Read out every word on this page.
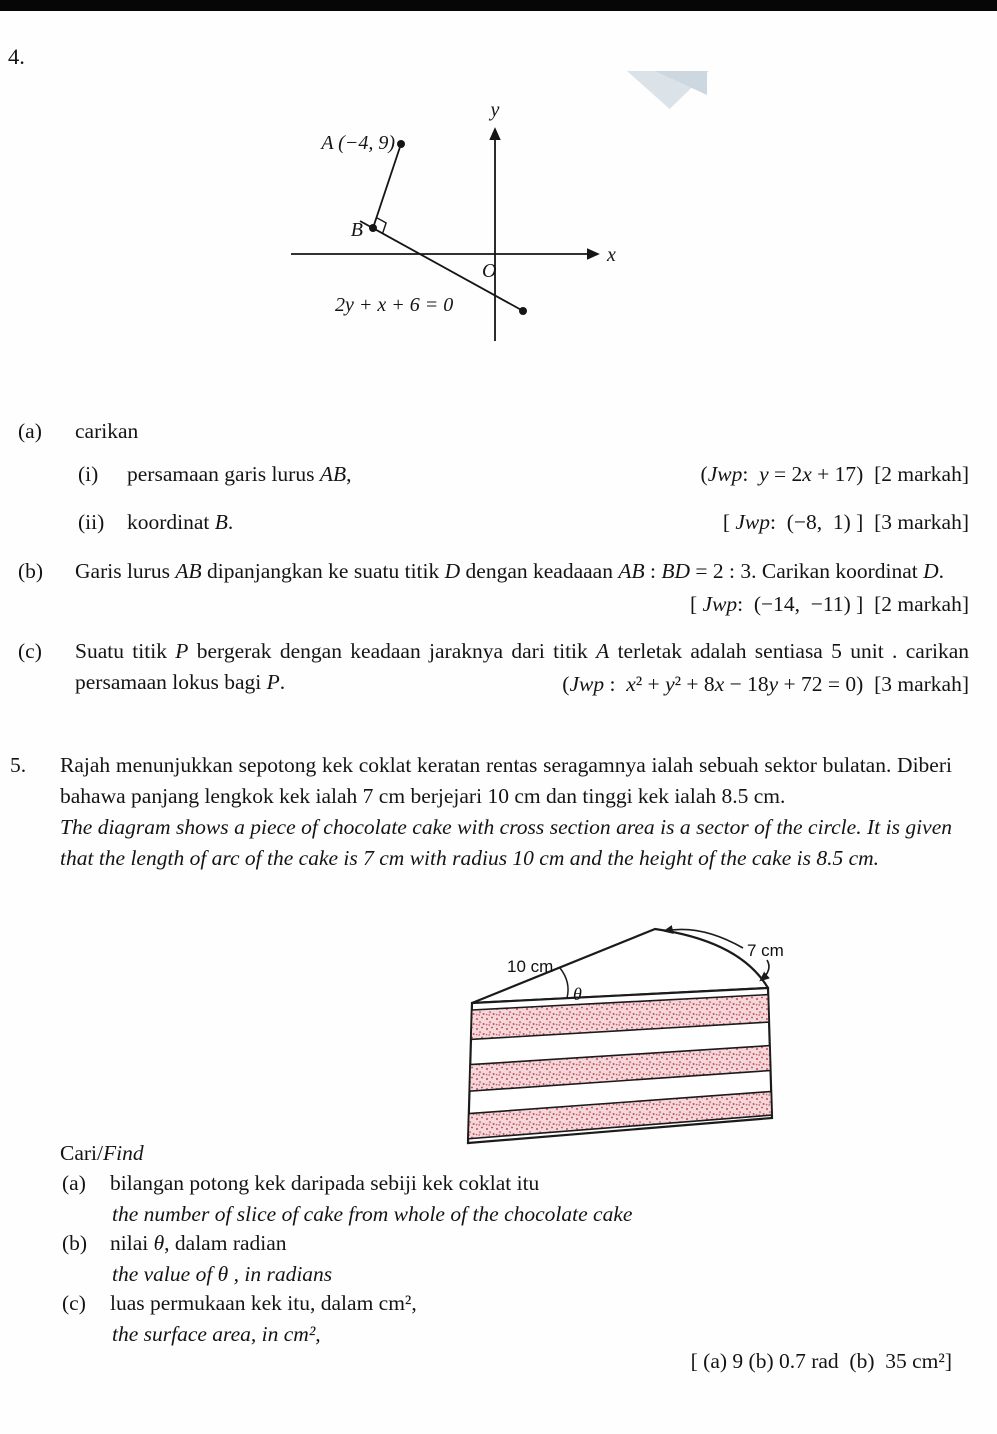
4.
y
x
O
A (−4, 9)
B
2y + x + 6 = 0
(a) carikan
(i) persamaan garis lurus AB,	(Jwp:  y = 2x + 17)  [2 markah]
(ii) koordinat B.	[ Jwp:  (−8,  1) ]  [3 markah]
(b) Garis lurus AB dipanjangkan ke suatu titik D dengan keadaaan AB : BD = 2 : 3. Carikan koordinat D.
[ Jwp:  (−14,  −11) ]  [2 markah]
(c) Suatu titik P bergerak dengan keadaan jaraknya dari titik A terletak adalah sentiasa 5 unit . carikan persamaan lokus bagi P.	(Jwp :  x² + y² + 8x − 18y + 72 = 0)  [3 markah]
5. Rajah menunjukkan sepotong kek coklat keratan rentas seragamnya ialah sebuah sektor bulatan. Diberi bahawa panjang lengkok kek ialah 7 cm berjejari 10 cm dan tinggi kek ialah 8.5 cm.
The diagram shows a piece of chocolate cake with cross section area is a sector of the circle. It is given that the length of arc of the cake is 7 cm with radius 10 cm and the height of the cake is 8.5 cm.
10 cm
7 cm
θ
Cari/Find
(a) bilangan potong kek daripada sebiji kek coklat itu
the number of slice of cake from whole of the chocolate cake
(b) nilai θ, dalam radian
the value of θ , in radians
(c) luas permukaan kek itu, dalam cm²,
the surface area, in cm²,
[ (a) 9 (b) 0.7 rad  (b)  35 cm²]
